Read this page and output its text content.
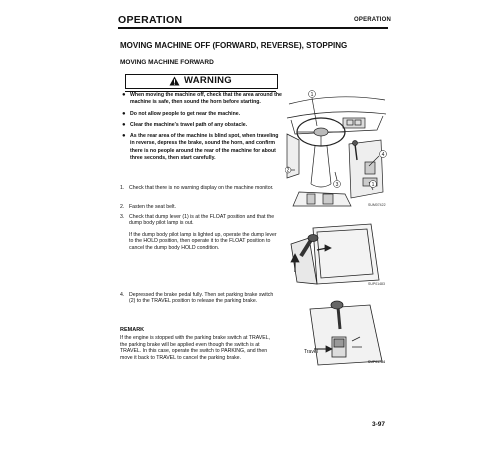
OPERATION	OPERATION
MOVING MACHINE OFF (FORWARD, REVERSE), STOPPING
MOVING MACHINE FORWARD
WARNING
● When moving the machine off, check that the area around the machine is safe, then sound the horn before starting.
● Do not allow people to get near the machine.
● Clear the machine's travel path of any obstacle.
● As the rear area of the machine is blind spot, when traveling in reverse, depress the brake, sound the horn, and confirm there is no people around the rear of the machine for about three seconds, then start carefully.
1. Check that there is no warning display on the machine monitor.
2. Fasten the seat belt.
3. Check that dump lever (1) is at the FLOAT position and that the dump body pilot lamp is out.
If the dump body pilot lamp is lighted up, operate the dump lever to the HOLD position, then operate it to the FLOAT position to cancel the dump body HOLD condition.
4. Depressed the brake pedal fully. Then set parking brake switch (2) to the TRAVEL position to release the parking brake.
REMARK
If the engine is stopped with the parking brake switch at TRAVEL, the parking brake will be applied even though the switch is at TRAVEL. In this case, operate the switch to PARKING, and then move it back to TRAVEL to cancel the parking brake.
1
4
2
3	1
SUM07422
SUP01483
Travel
SUP01784
3-97
